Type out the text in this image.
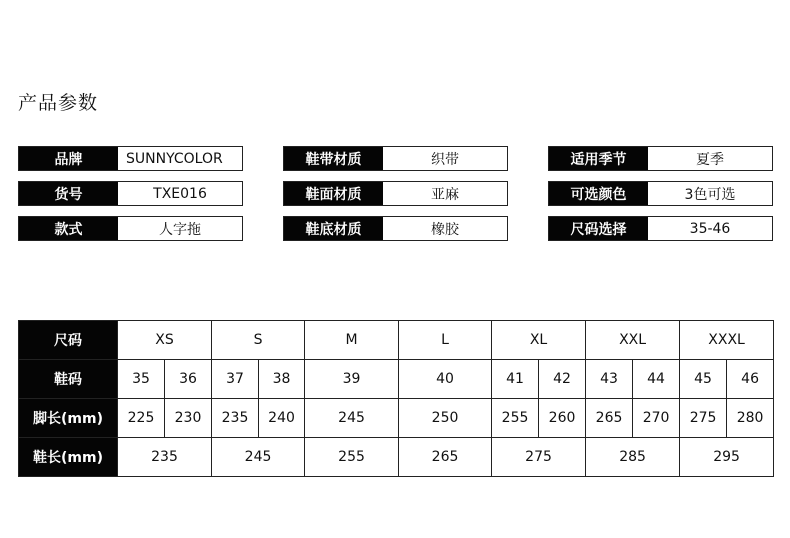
产品参数
品牌	SUNNYCOLOR	鞋带材质	织带	适用季节	夏季
货号	TXE016	鞋面材质	亚麻	可选颜色	3色可选
款式	人字拖	鞋底材质	橡胶	尺码选择	35-46
尺码	XS		S		M	L	XL		XXL		XXXL	
鞋码	35	36	37	38	39	40	41	42	43	44	45	46
脚长(mm)	225	230	235	240	245	250	255	260	265	270	275	280
鞋长(mm)	235		245		255	265	275		285		295	
